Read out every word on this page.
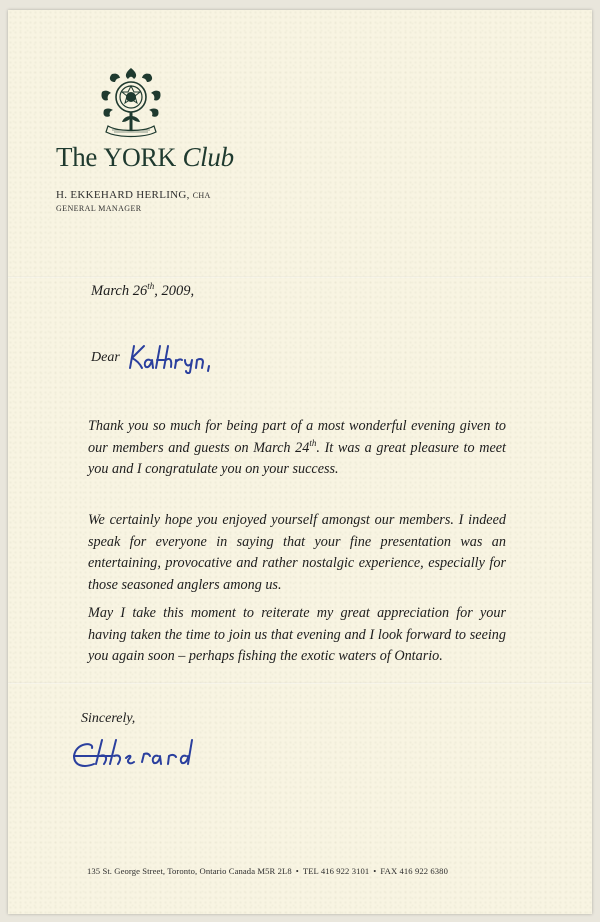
The YORK Club
H. EKKEHARD HERLING, CHA
GENERAL MANAGER
March 26th, 2009,
Dear
Kathryn,
Thank you so much for being part of a most wonderful evening given to our members and guests on March 24th. It was a great pleasure to meet you and I congratulate you on your success.
We certainly hope you enjoyed yourself amongst our members. I indeed speak for everyone in saying that your fine presentation was an entertaining, provocative and rather nostalgic experience, especially for those seasoned anglers among us.
May I take this moment to reiterate my great appreciation for your having taken the time to join us that evening and I look forward to seeing you again soon – perhaps fishing the exotic waters of Ontario.
Sincerely,
Ekkehard
135 St. George Street, Toronto, Ontario Canada M5R 2L8 • TEL 416 922 3101 • FAX 416 922 6380
